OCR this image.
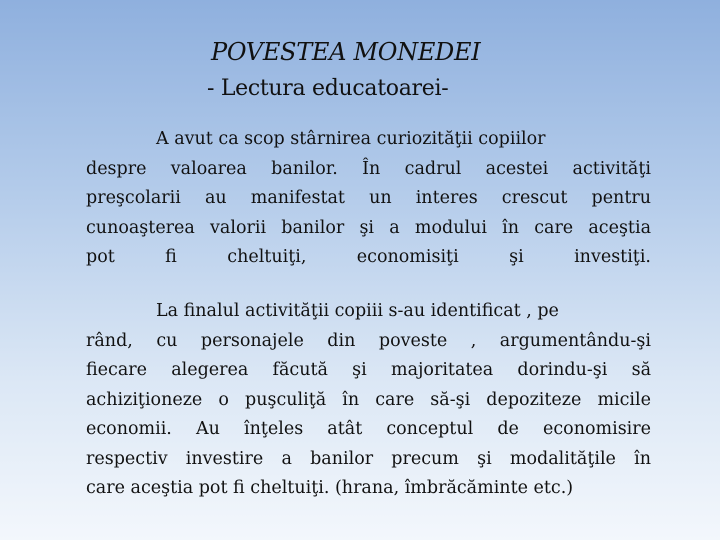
POVESTEA MONEDEI
- Lectura educatoarei-
A avut ca scop stârnirea curiozităţii copiilor
despre valoarea banilor. În cadrul acestei activităţi
preşcolarii au manifestat un interes crescut pentru
cunoaşterea valorii banilor şi a modului în care aceştia
pot fi cheltuiţi, economisiţi şi investiţi.
La finalul activităţii copiii s-au identificat , pe
rând, cu personajele din poveste , argumentându-şi
fiecare alegerea făcută şi majoritatea dorindu-şi să
achiziţioneze o puşculiţă în care să-şi depoziteze micile
economii. Au înţeles atât conceptul de economisire
respectiv investire a banilor precum şi modalităţile în
care aceştia pot fi cheltuiţi. (hrana, îmbrăcăminte etc.)
